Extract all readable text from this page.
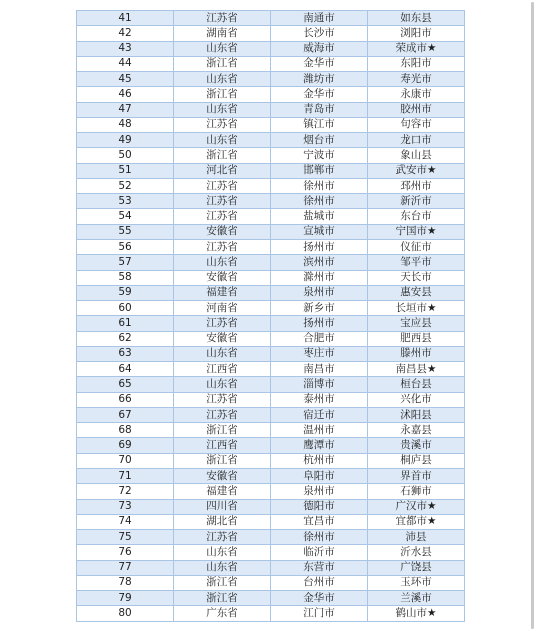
41	江苏省	南通市	如东县
42	湖南省	长沙市	浏阳市
43	山东省	威海市	荣成市★
44	浙江省	金华市	东阳市
45	山东省	潍坊市	寿光市
46	浙江省	金华市	永康市
47	山东省	青岛市	胶州市
48	江苏省	镇江市	句容市
49	山东省	烟台市	龙口市
50	浙江省	宁波市	象山县
51	河北省	邯郸市	武安市★
52	江苏省	徐州市	邳州市
53	江苏省	徐州市	新沂市
54	江苏省	盐城市	东台市
55	安徽省	宣城市	宁国市★
56	江苏省	扬州市	仪征市
57	山东省	滨州市	邹平市
58	安徽省	滁州市	天长市
59	福建省	泉州市	惠安县
60	河南省	新乡市	长垣市★
61	江苏省	扬州市	宝应县
62	安徽省	合肥市	肥西县
63	山东省	枣庄市	滕州市
64	江西省	南昌市	南昌县★
65	山东省	淄博市	桓台县
66	江苏省	泰州市	兴化市
67	江苏省	宿迁市	沭阳县
68	浙江省	温州市	永嘉县
69	江西省	鹰潭市	贵溪市
70	浙江省	杭州市	桐庐县
71	安徽省	阜阳市	界首市
72	福建省	泉州市	石狮市
73	四川省	德阳市	广汉市★
74	湖北省	宜昌市	宜都市★
75	江苏省	徐州市	沛县
76	山东省	临沂市	沂水县
77	山东省	东营市	广饶县
78	浙江省	台州市	玉环市
79	浙江省	金华市	兰溪市
80	广东省	江门市	鹤山市★
